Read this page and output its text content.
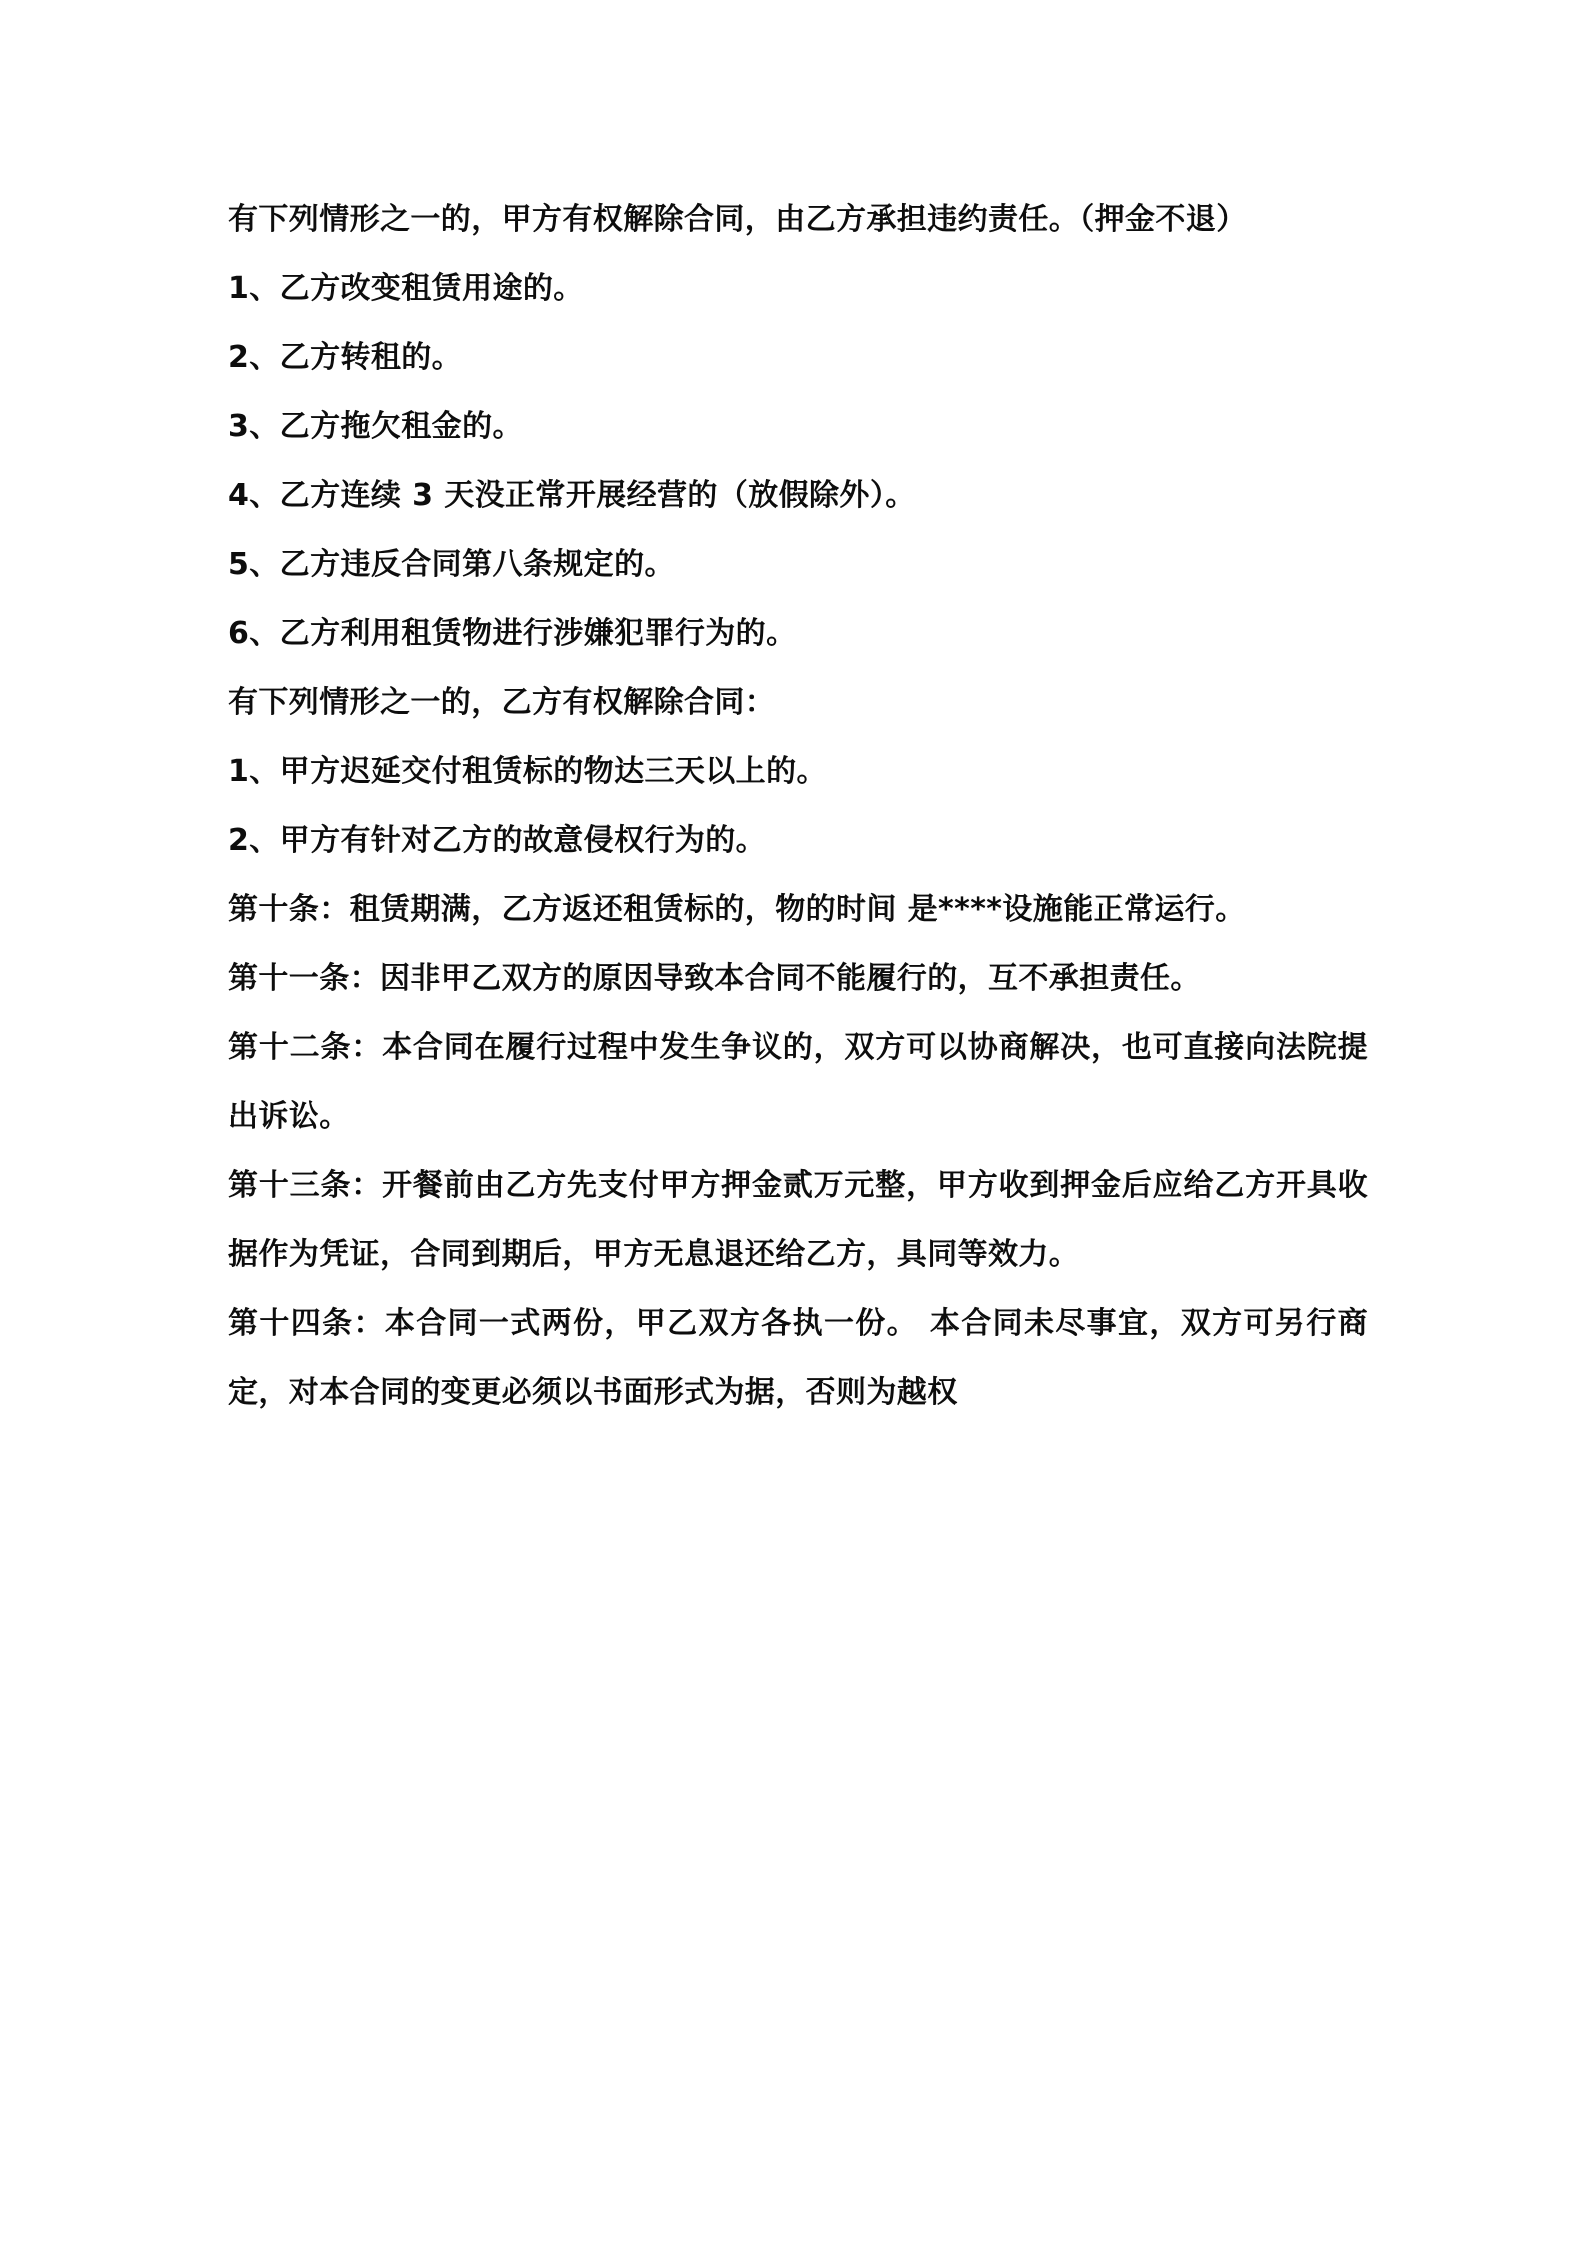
有下列情形之一的，甲方有权解除合同，由乙方承担违约责任。（押金不退）

1、乙方改变租赁用途的。

2、乙方转租的。

3、乙方拖欠租金的。

4、乙方连续 3 天没正常开展经营的（放假除外）。

5、乙方违反合同第八条规定的。

6、乙方利用租赁物进行涉嫌犯罪行为的。

有下列情形之一的，乙方有权解除合同：

1、甲方迟延交付租赁标的物达三天以上的。

2、甲方有针对乙方的故意侵权行为的。

第十条：租赁期满，乙方返还租赁标的，物的时间 是****设施能正常运行。

第十一条：因非甲乙双方的原因导致本合同不能履行的，互不承担责任。

第十二条：本合同在履行过程中发生争议的，双方可以协商解决，也可直接向法院提出诉讼。

第十三条：开餐前由乙方先支付甲方押金贰万元整，甲方收到押金后应给乙方开具收据作为凭证，合同到期后，甲方无息退还给乙方，具同等效力。

第十四条：本合同一式两份，甲乙双方各执一份。 本合同未尽事宜，双方可另行商定，对本合同的变更必须以书面形式为据，否则为越权
